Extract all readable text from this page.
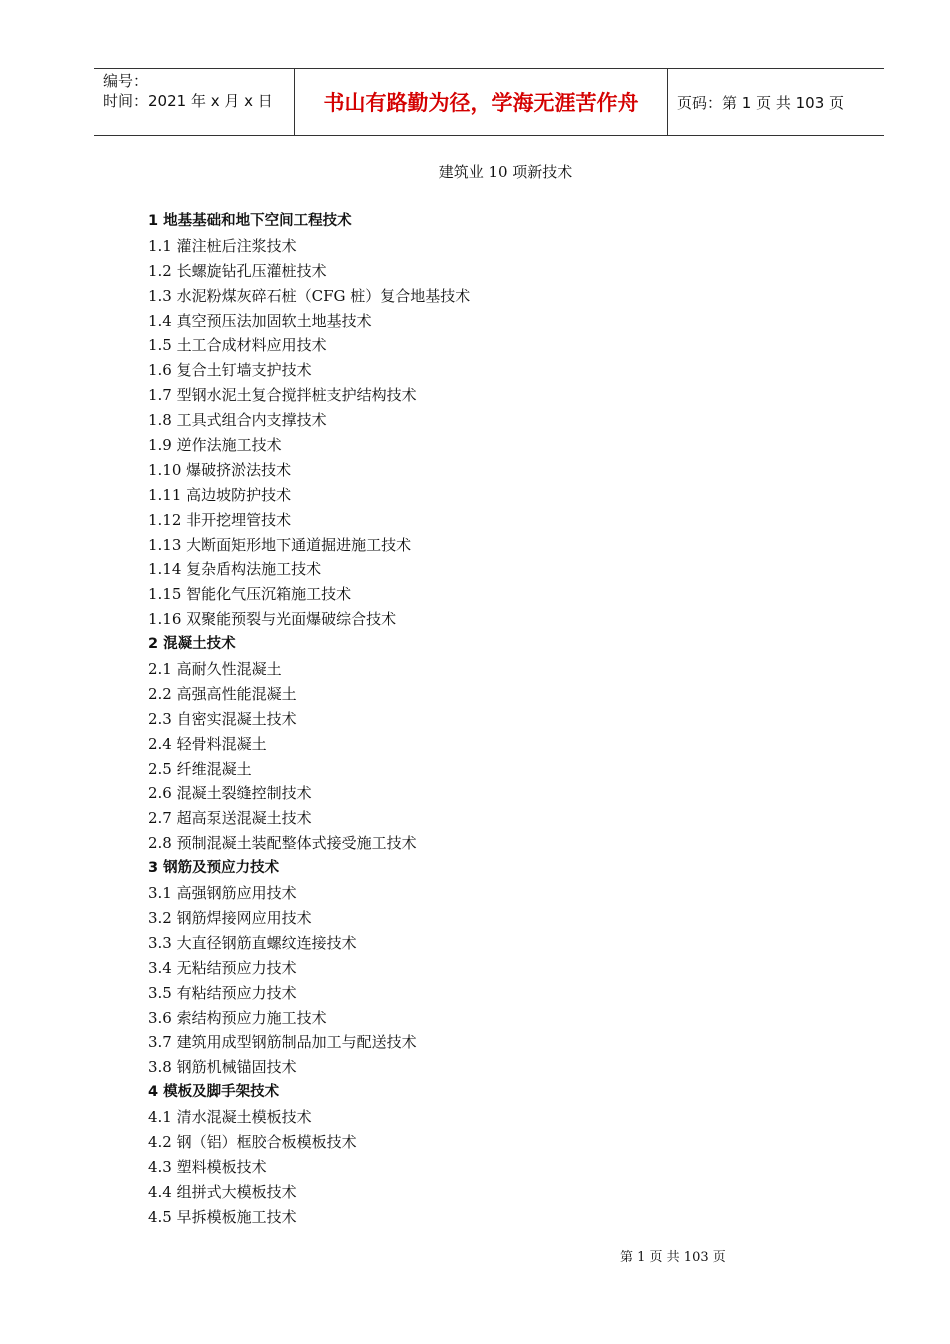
编号：
时间：2021 年 x 月 x 日	书山有路勤为径，学海无涯苦作舟	页码：第 1 页 共 103 页
建筑业 10 项新技术
1 地基基础和地下空间工程技术
1.1 灌注桩后注浆技术
1.2 长螺旋钻孔压灌桩技术
1.3 水泥粉煤灰碎石桩（CFG 桩）复合地基技术
1.4 真空预压法加固软土地基技术
1.5 土工合成材料应用技术
1.6 复合土钉墙支护技术
1.7 型钢水泥土复合搅拌桩支护结构技术
1.8 工具式组合内支撑技术
1.9 逆作法施工技术
1.10 爆破挤淤法技术
1.11 高边坡防护技术
1.12 非开挖埋管技术
1.13 大断面矩形地下通道掘进施工技术
1.14 复杂盾构法施工技术
1.15 智能化气压沉箱施工技术
1.16 双聚能预裂与光面爆破综合技术
2 混凝土技术
2.1 高耐久性混凝土
2.2 高强高性能混凝土
2.3 自密实混凝土技术
2.4 轻骨料混凝土
2.5 纤维混凝土
2.6 混凝土裂缝控制技术
2.7 超高泵送混凝土技术
2.8 预制混凝土装配整体式接受施工技术
3 钢筋及预应力技术
3.1 高强钢筋应用技术
3.2 钢筋焊接网应用技术
3.3 大直径钢筋直螺纹连接技术
3.4 无粘结预应力技术
3.5 有粘结预应力技术
3.6 索结构预应力施工技术
3.7 建筑用成型钢筋制品加工与配送技术
3.8 钢筋机械锚固技术
4 模板及脚手架技术
4.1 清水混凝土模板技术
4.2 钢（铝）框胶合板模板技术
4.3 塑料模板技术
4.4 组拼式大模板技术
4.5 早拆模板施工技术
第 1 页 共 103 页
